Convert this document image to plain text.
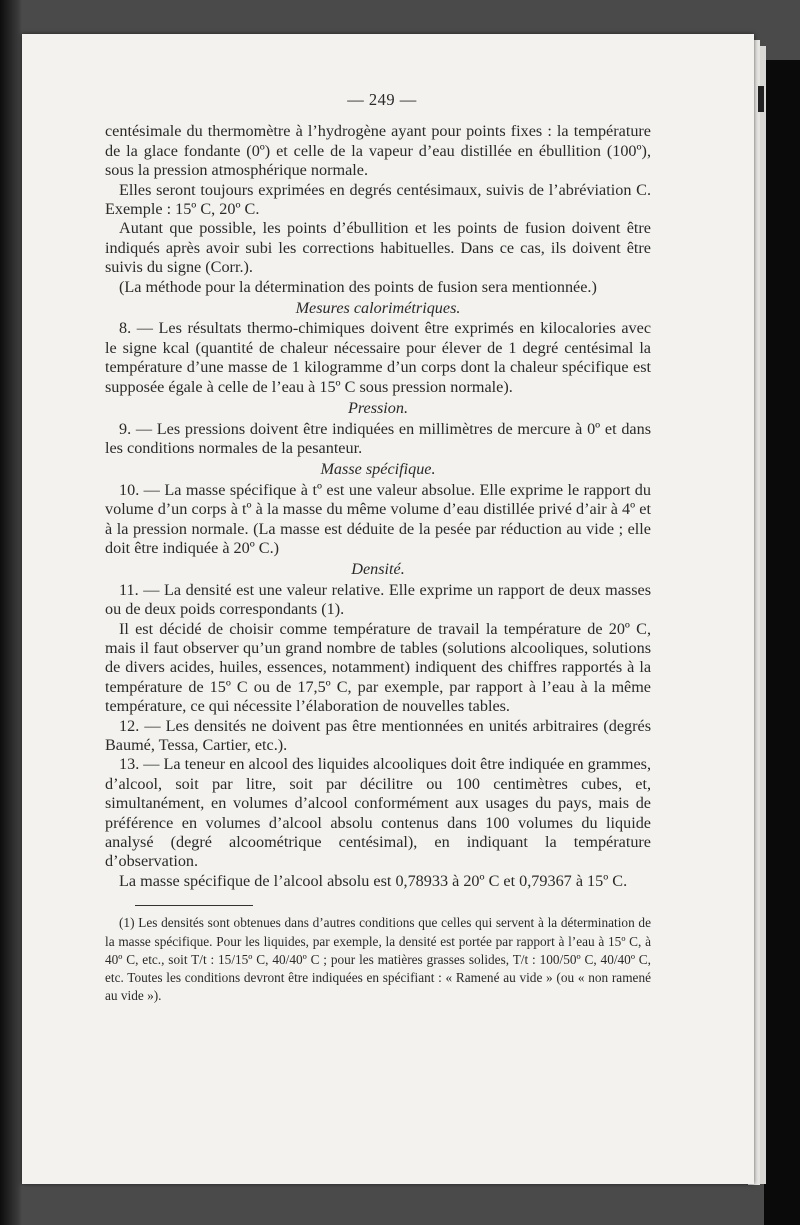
— 249 —

centésimale du thermomètre à l’hydrogène ayant pour points fixes : la température de la glace fondante (0º) et celle de la vapeur d’eau distillée en ébullition (100º), sous la pression atmosphérique normale.

Elles seront toujours exprimées en degrés centésimaux, suivis de l’abréviation C. Exemple : 15º C, 20º C.

Autant que possible, les points d’ébullition et les points de fusion doivent être indiqués après avoir subi les corrections habituelles. Dans ce cas, ils doivent être suivis du signe (Corr.).

(La méthode pour la détermination des points de fusion sera mentionnée.)

Mesures calorimétriques.

8. — Les résultats thermo-chimiques doivent être exprimés en kilocalories avec le signe kcal (quantité de chaleur nécessaire pour élever de 1 degré centésimal la température d’une masse de 1 kilogramme d’un corps dont la chaleur spécifique est supposée égale à celle de l’eau à 15º C sous pression normale).

Pression.

9. — Les pressions doivent être indiquées en millimètres de mercure à 0º et dans les conditions normales de la pesanteur.

Masse spécifique.

10. — La masse spécifique à tº est une valeur absolue. Elle exprime le rapport du volume d’un corps à tº à la masse du même volume d’eau distillée privé d’air à 4º et à la pression normale. (La masse est déduite de la pesée par réduction au vide ; elle doit être indiquée à 20º C.)

Densité.

11. — La densité est une valeur relative. Elle exprime un rapport de deux masses ou de deux poids correspondants (1).

Il est décidé de choisir comme température de travail la température de 20º C, mais il faut observer qu’un grand nombre de tables (solutions alcooliques, solutions de divers acides, huiles, essences, notamment) indiquent des chiffres rapportés à la température de 15º C ou de 17,5º C, par exemple, par rapport à l’eau à la même température, ce qui nécessite l’élaboration de nouvelles tables.

12. — Les densités ne doivent pas être mentionnées en unités arbitraires (degrés Baumé, Tessa, Cartier, etc.).

13. — La teneur en alcool des liquides alcooliques doit être indiquée en grammes, d’alcool, soit par litre, soit par décilitre ou 100 centimètres cubes, et, simultanément, en volumes d’alcool conformément aux usages du pays, mais de préférence en volumes d’alcool absolu contenus dans 100 volumes du liquide analysé (degré alcoométrique centésimal), en indiquant la température d’observation.

La masse spécifique de l’alcool absolu est 0,78933 à 20º C et 0,79367 à 15º C.

(1) Les densités sont obtenues dans d’autres conditions que celles qui servent à la détermination de la masse spécifique. Pour les liquides, par exemple, la densité est portée par rapport à l’eau à 15º C, à 40º C, etc., soit T/t : 15/15º C, 40/40º C ; pour les matières grasses solides, T/t : 100/50º C, 40/40º C, etc. Toutes les conditions devront être indiquées en spécifiant : « Ramené au vide » (ou « non ramené au vide »).
